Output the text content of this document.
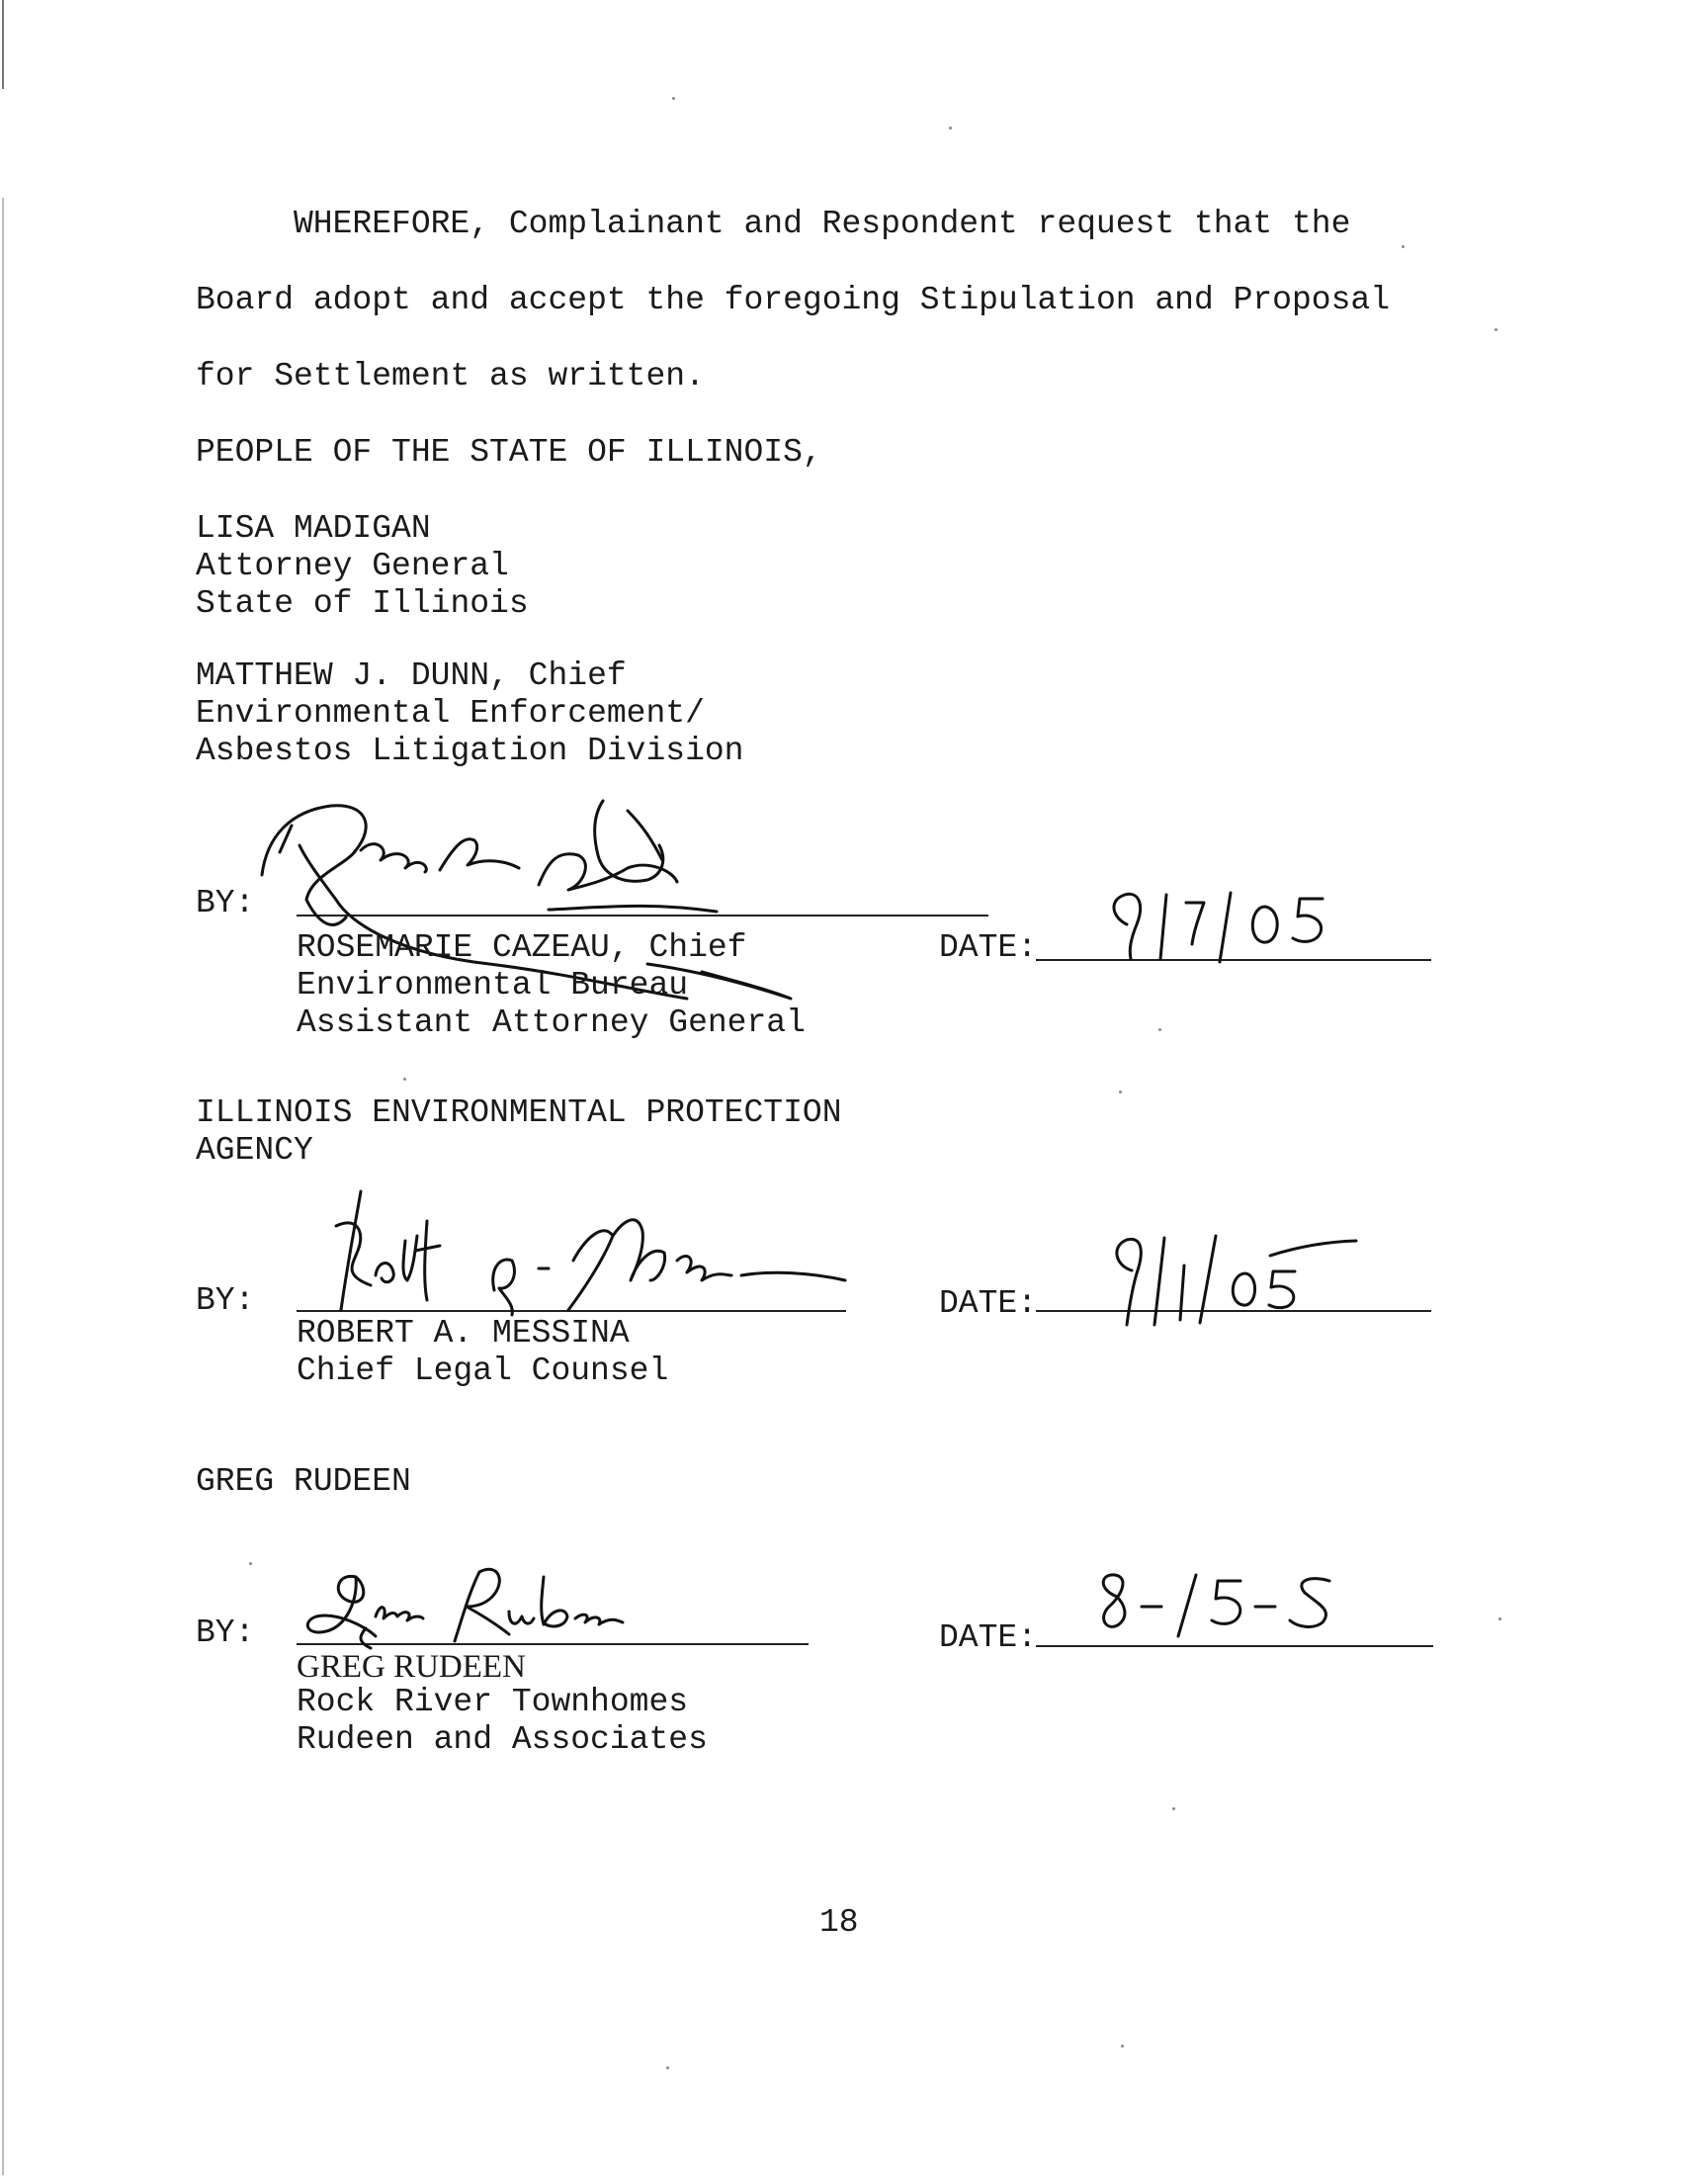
WHEREFORE, Complainant and Respondent request that the

Board adopt and accept the foregoing Stipulation and Proposal

for Settlement as written.

PEOPLE OF THE STATE OF ILLINOIS,

LISA MADIGAN

Attorney General

State of Illinois

MATTHEW J. DUNN, Chief

Environmental Enforcement/

Asbestos Litigation Division

BY:

ROSEMARIE CAZEAU, Chief

Environmental Bureau

Assistant Attorney General

DATE:

ILLINOIS ENVIRONMENTAL PROTECTION

AGENCY

BY:

ROBERT A. MESSINA

Chief Legal Counsel

DATE:

GREG RUDEEN

BY:

GREG RUDEEN

Rock River Townhomes

Rudeen and Associates

DATE:

18
